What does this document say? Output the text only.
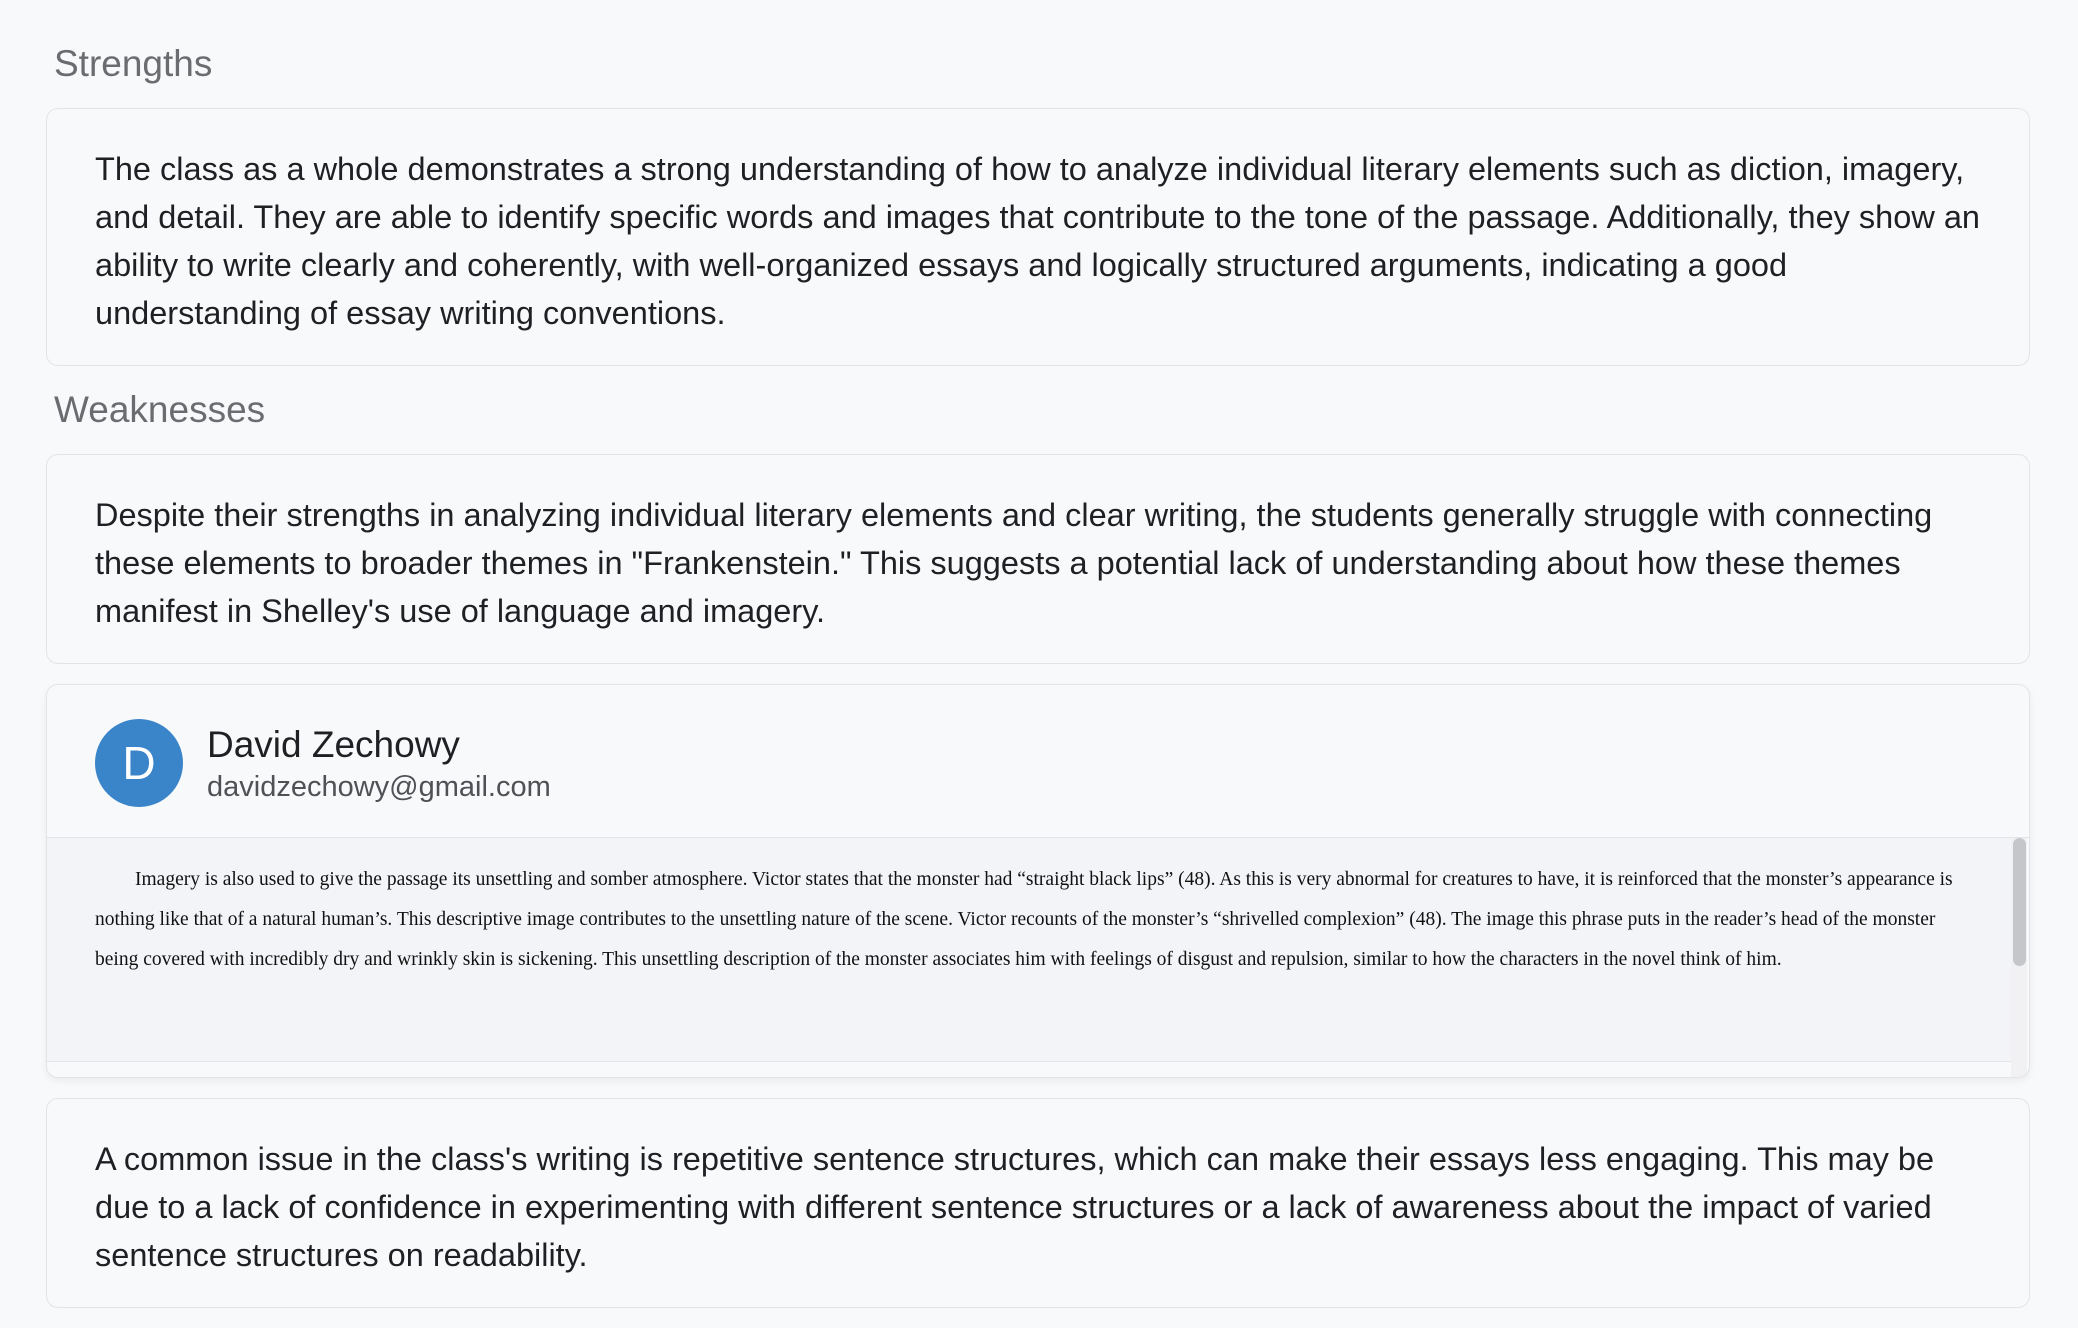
Strengths

The class as a whole demonstrates a strong understanding of how to analyze individual literary elements such as diction, imagery, and detail. They are able to identify specific words and images that contribute to the tone of the passage. Additionally, they show an ability to write clearly and coherently, with well-organized essays and logically structured arguments, indicating a good understanding of essay writing conventions.

Weaknesses

Despite their strengths in analyzing individual literary elements and clear writing, the students generally struggle with connecting these elements to broader themes in "Frankenstein." This suggests a potential lack of understanding about how these themes manifest in Shelley's use of language and imagery.

D	David Zechowy
davidzechowy@gmail.com

Imagery is also used to give the passage its unsettling and somber atmosphere. Victor states that the monster had “straight black lips” (48). As this is very abnormal for creatures to have, it is reinforced that the monster’s appearance is nothing like that of a natural human’s. This descriptive image contributes to the unsettling nature of the scene. Victor recounts of the monster’s “shrivelled complexion” (48). The image this phrase puts in the reader’s head of the monster being covered with incredibly dry and wrinkly skin is sickening. This unsettling description of the monster associates him with feelings of disgust and repulsion, similar to how the characters in the novel think of him.

A common issue in the class's writing is repetitive sentence structures, which can make their essays less engaging. This may be due to a lack of confidence in experimenting with different sentence structures or a lack of awareness about the impact of varied sentence structures on readability.
